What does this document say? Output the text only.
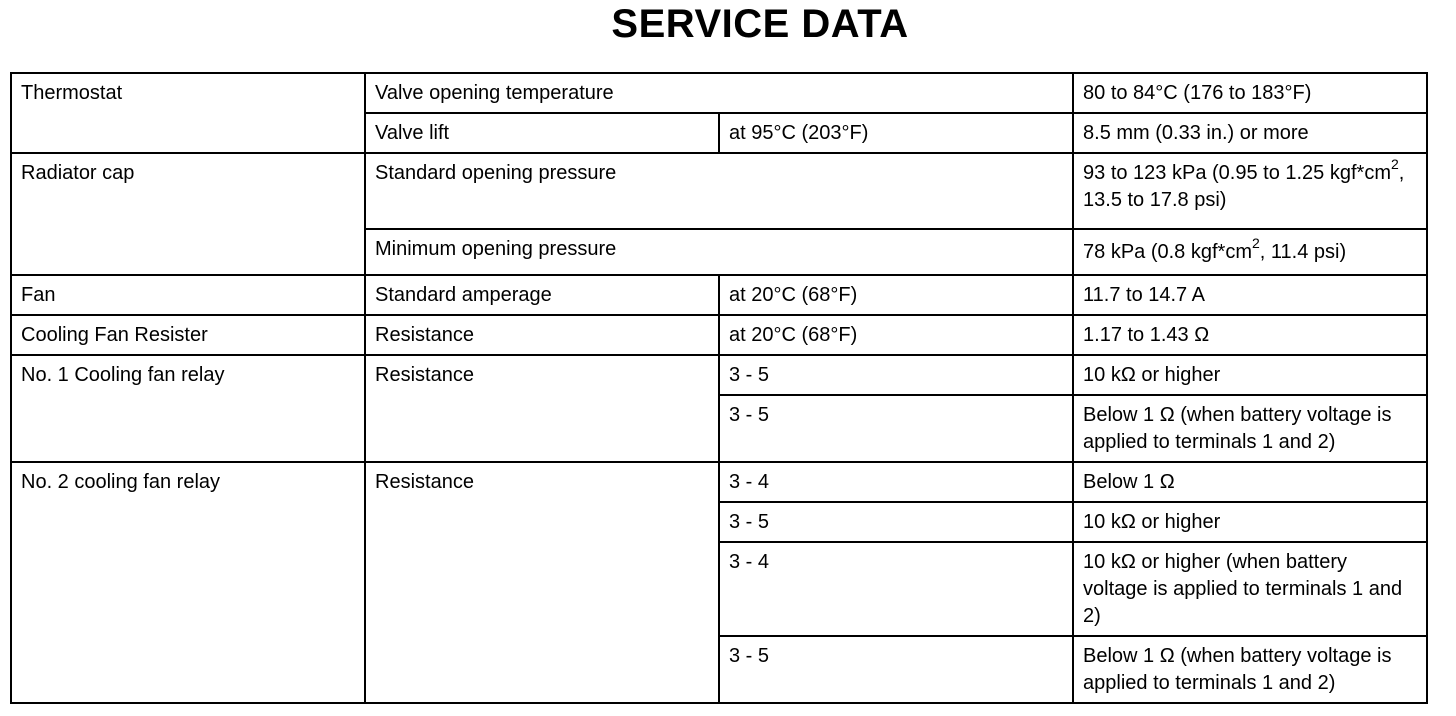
SERVICE DATA
Thermostat	Valve opening temperature		80 to 84°C (176 to 183°F)
	Valve lift	at 95°C (203°F)	8.5 mm (0.33 in.) or more
Radiator cap	Standard opening pressure		93 to 123 kPa (0.95 to 1.25 $kgf*cm^2$, 13.5 to 17.8 psi)
	Minimum opening pressure		78 kPa (0.8 $kgf*cm^2$, 11.4 psi)
Fan	Standard amperage	at 20°C (68°F)	11.7 to 14.7 A
Cooling Fan Resister	Resistance	at 20°C (68°F)	1.17 to 1.43 Ω
No. 1 Cooling fan relay	Resistance	3 - 5	10 kΩ or higher
		3 - 5	Below 1 Ω (when battery voltage is applied to terminals 1 and 2)
No. 2 cooling fan relay	Resistance	3 - 4	Below 1 Ω
		3 - 5	10 kΩ or higher
		3 - 4	10 kΩ or higher (when battery voltage is applied to terminals 1 and 2)
		3 - 5	Below 1 Ω (when battery voltage is applied to terminals 1 and 2)
